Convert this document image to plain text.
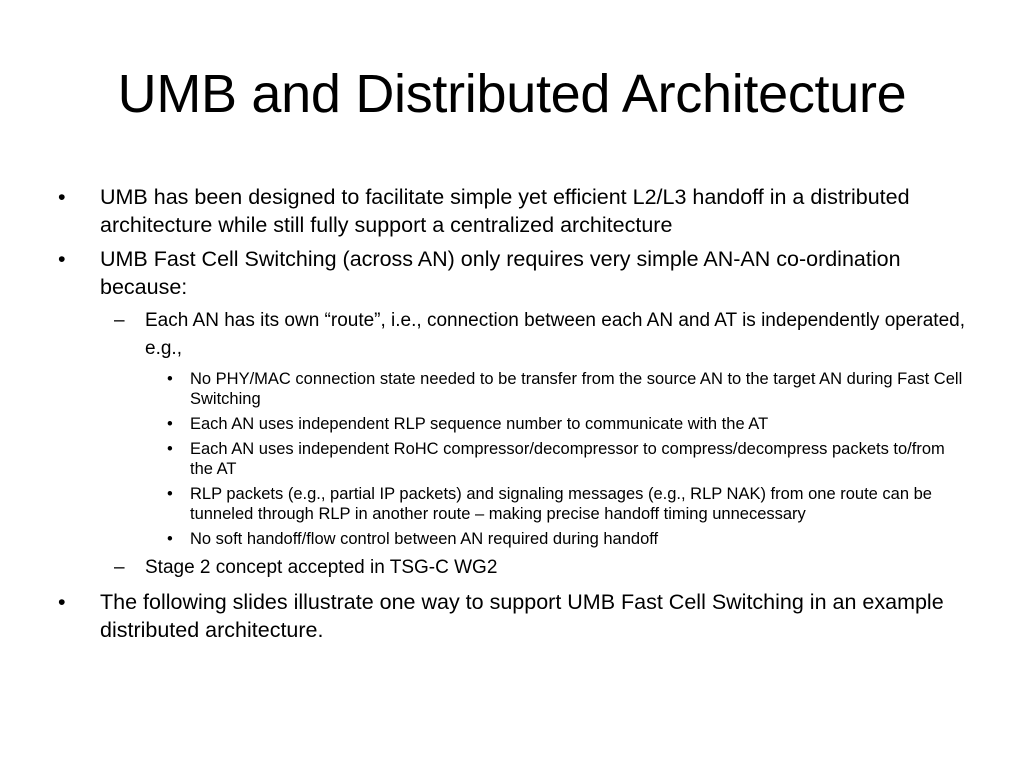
UMB and Distributed Architecture

• UMB has been designed to facilitate simple yet efficient L2/L3 handoff in a distributed architecture while still fully support a centralized architecture

• UMB Fast Cell Switching (across AN) only requires very simple AN-AN co-ordination because:

– Each AN has its own “route”, i.e., connection between each AN and AT is independently operated, e.g.,

• No PHY/MAC connection state needed to be transfer from the source AN to the target AN during Fast Cell Switching

• Each AN uses independent RLP sequence number to communicate with the AT

• Each AN uses independent RoHC compressor/decompressor to compress/decompress packets to/from the AT

• RLP packets (e.g., partial IP packets) and signaling messages (e.g., RLP NAK) from one route can be tunneled through RLP in another route – making precise handoff timing unnecessary

• No soft handoff/flow control between AN required during handoff

– Stage 2 concept accepted in TSG-C WG2

• The following slides illustrate one way to support UMB Fast Cell Switching in an example distributed architecture.
